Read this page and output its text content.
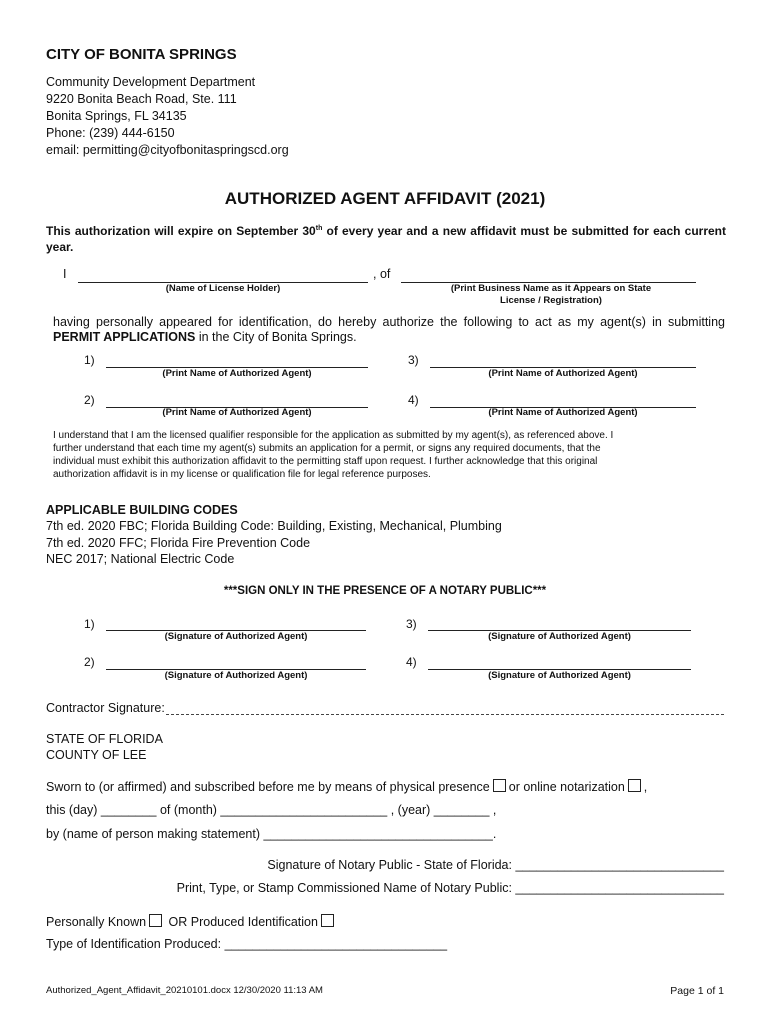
CITY OF BONITA SPRINGS
Community Development Department
9220 Bonita Beach Road, Ste. 111
Bonita Springs, FL 34135
Phone: (239) 444-6150
email: permitting@cityofbonitaspringscd.org
AUTHORIZED AGENT AFFIDAVIT (2021)
This authorization will expire on September 30th of every year and a new affidavit must be submitted for each current year.
I	, of
(Name of License Holder)	(Print Business Name as it Appears on State
License / Registration)
having personally appeared for identification, do hereby authorize the following to act as my agent(s) in submitting
PERMIT APPLICATIONS in the City of Bonita Springs.
1)
(Print Name of Authorized Agent)
3)
(Print Name of Authorized Agent)
2)
(Print Name of Authorized Agent)
4)
(Print Name of Authorized Agent)
I understand that I am the licensed qualifier responsible for the application as submitted by my agent(s), as referenced above. I
further understand that each time my agent(s) submits an application for a permit, or signs any required documents, that the
individual must exhibit this authorization affidavit to the permitting staff upon request. I further acknowledge that this original
authorization affidavit is in my license or qualification file for legal reference purposes.
APPLICABLE BUILDING CODES
7th ed. 2020 FBC; Florida Building Code: Building, Existing, Mechanical, Plumbing
7th ed. 2020 FFC; Florida Fire Prevention Code
NEC 2017; National Electric Code
***SIGN ONLY IN THE PRESENCE OF A NOTARY PUBLIC***
1)
(Signature of Authorized Agent)
3)
(Signature of Authorized Agent)
2)
(Signature of Authorized Agent)
4)
(Signature of Authorized Agent)
Contractor Signature:
STATE OF FLORIDA
COUNTY OF LEE
Sworn to (or affirmed) and subscribed before me by means of physical presence or online notarization ,
this (day) ________ of (month) ________________________ , (year) ________ ,
by (name of person making statement) _________________________________.
Signature of Notary Public - State of Florida: ______________________________
Print, Type, or Stamp Commissioned Name of Notary Public: ______________________________
Personally Known OR Produced Identification
Type of Identification Produced: ________________________________
Authorized_Agent_Affidavit_20210101.docx 12/30/2020 11:13 AM	Page 1 of 1
